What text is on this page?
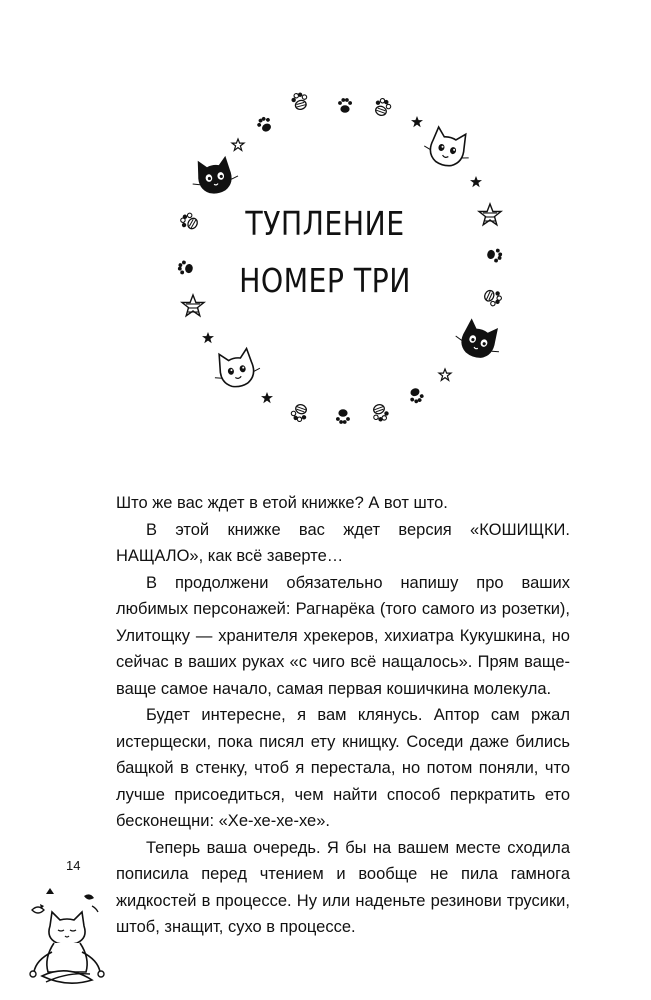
ТУПЛЕНИЕ
НОМЕР ТРИ

Што же вас ждет в етой книжке? А вот што.

В этой книжке вас ждет версия «КОШИЩКИ. НАЩАЛО», как всё заверте…

В продолжени обязательно напишу про ваших любимых персонажей: Рагнарёка (того самого из розетки), Улитощку — хранителя хрекеров, хихиатра Кукушкина, но сейчас в ваших руках «с чиго всё нащалось». Прям ваще-ваще самое начало, самая первая кошичкина молекула.

Будет интересне, я вам клянусь. Аптор сам ржал истерщески, пока писял ету книщку. Соседи даже бились бащкой в стенку, чтоб я перестала, но потом поняли, что лучше присоедиться, чем найти способ перкратить ето бесконещни: «Хе-хе-хе-хе».

Теперь ваша очередь. Я бы на вашем месте сходила пописила перед чтением и вообще не пила гамнога жидкостей в процессе. Ну или наденьте резинови трусики, штоб, знащит, сухо в процессе.

14
